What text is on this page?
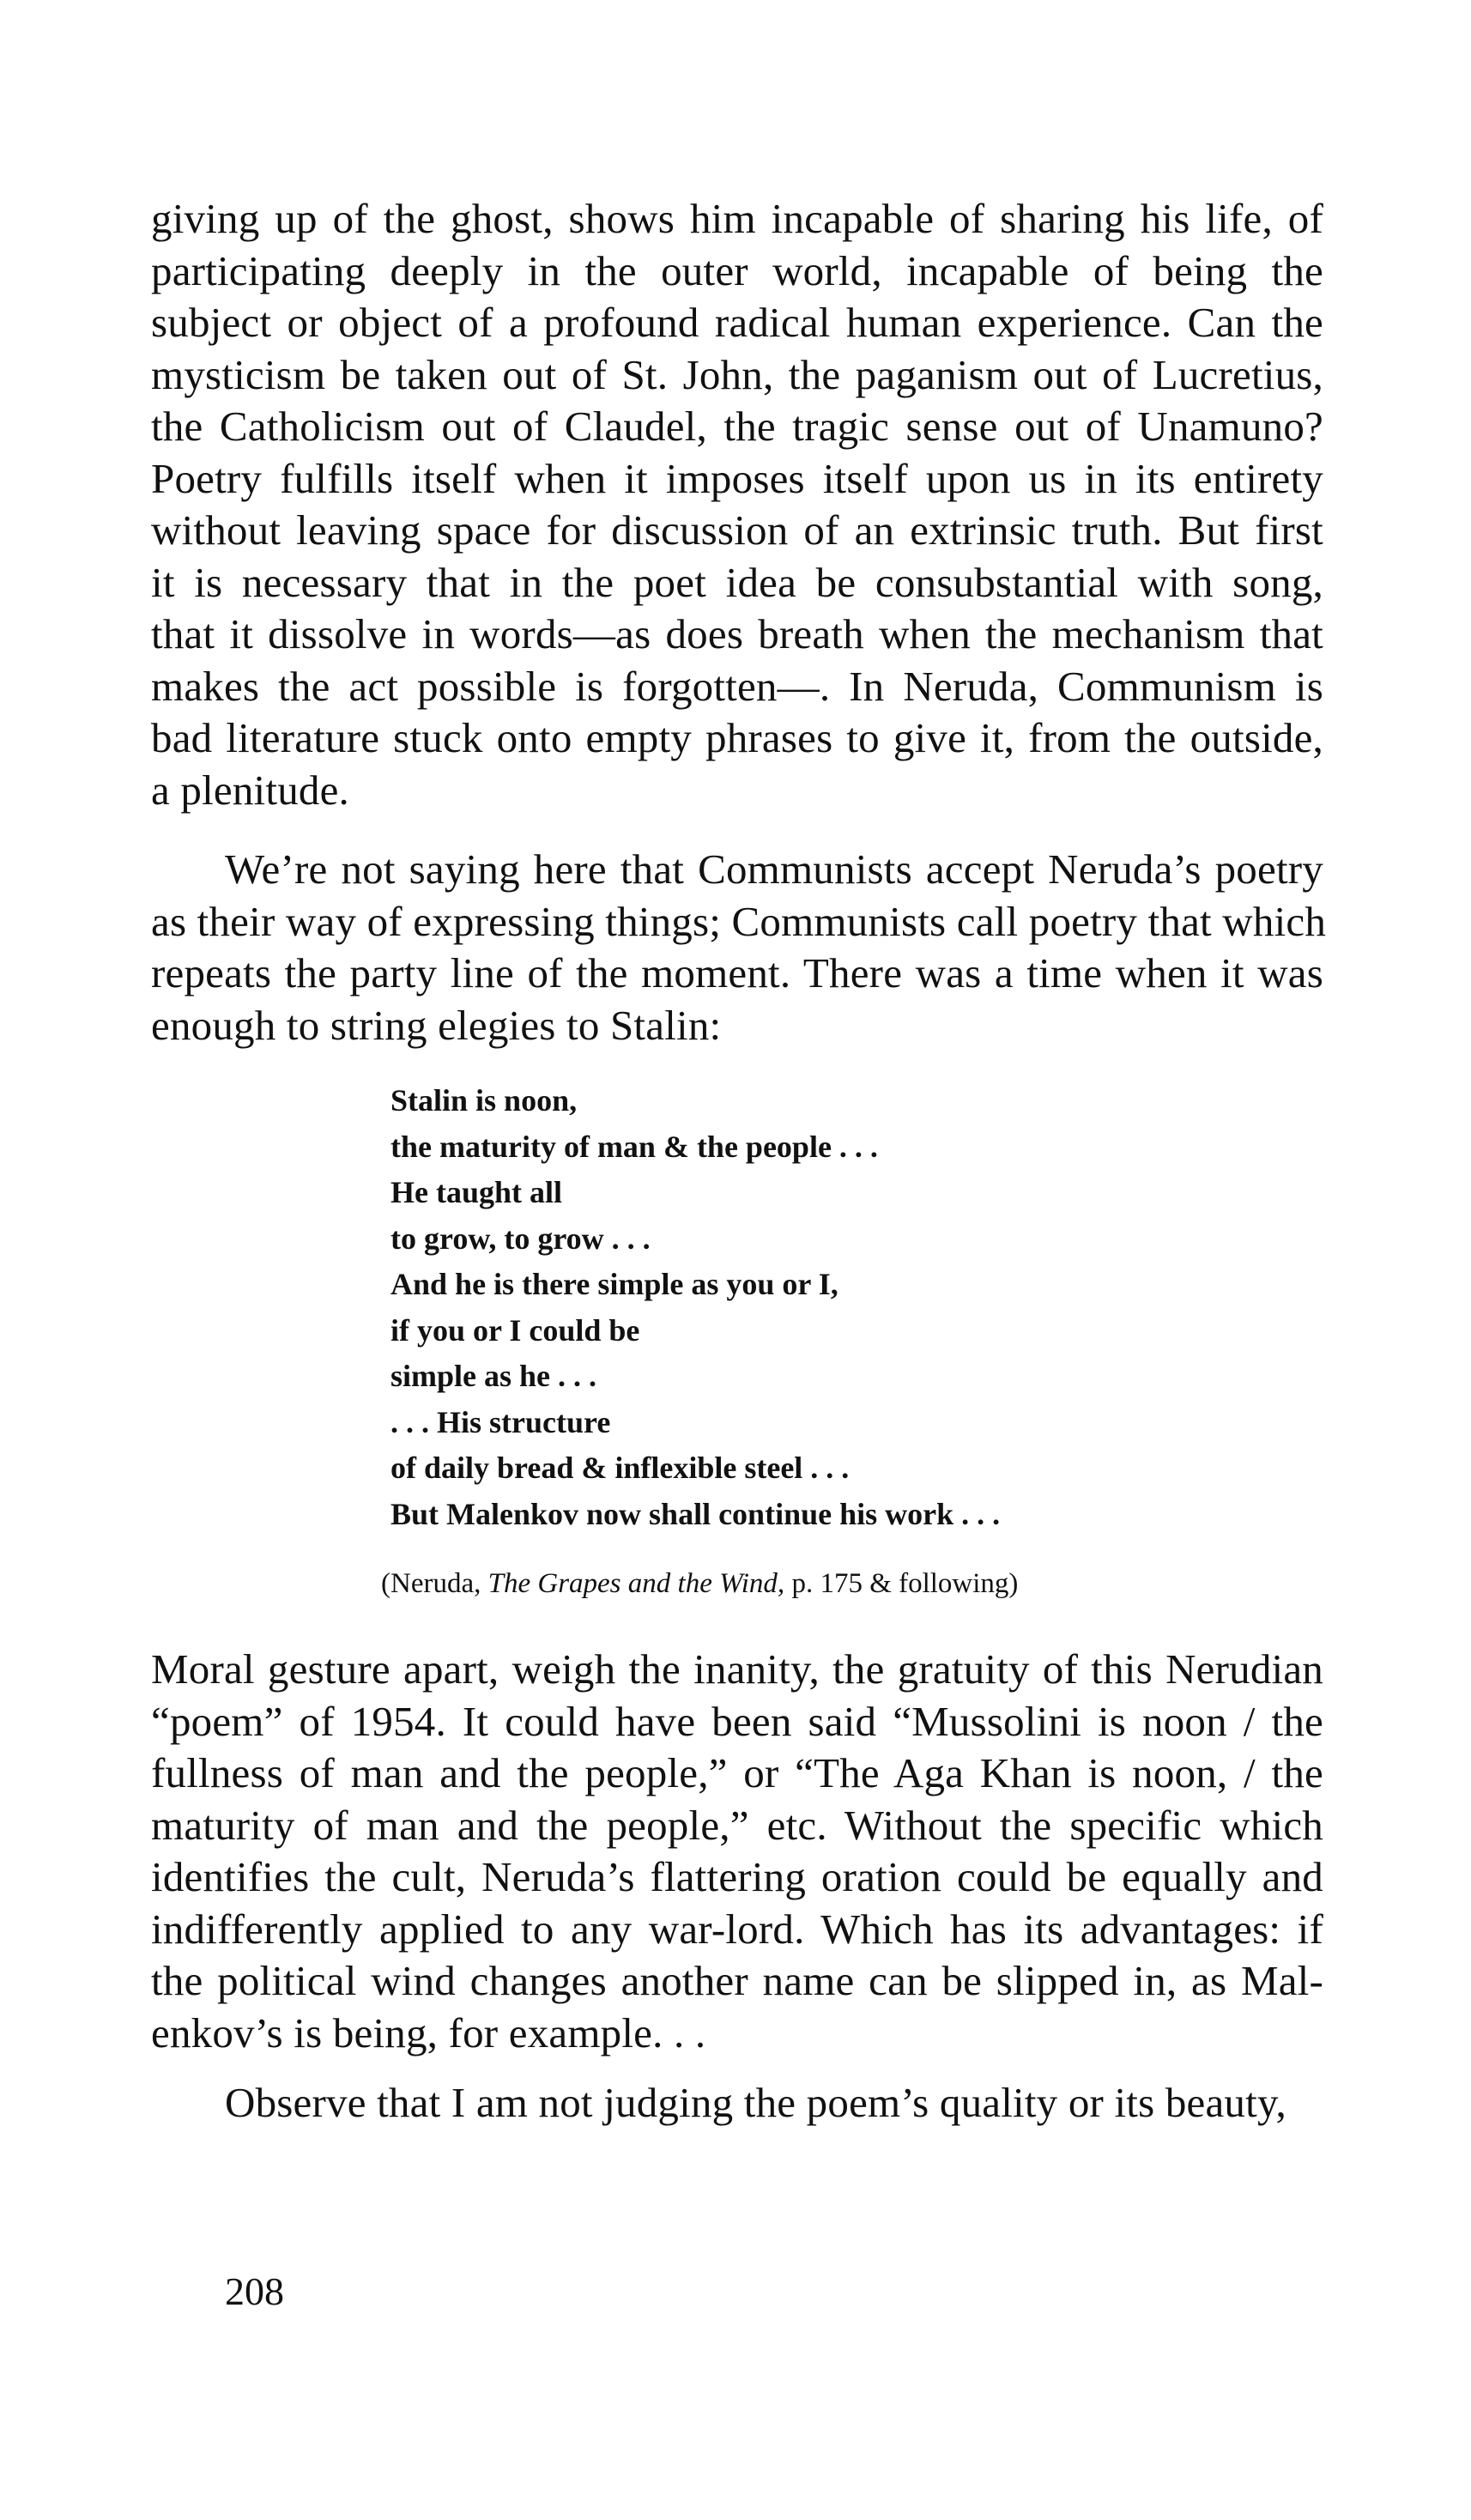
giving up of the ghost, shows him incapable of sharing his life, of
participating deeply in the outer world, incapable of being the
subject or object of a profound radical human experience. Can the
mysticism be taken out of St. John, the paganism out of Lucretius,
the Catholicism out of Claudel, the tragic sense out of Unamuno?
Poetry fulfills itself when it imposes itself upon us in its entirety
without leaving space for discussion of an extrinsic truth. But first
it is necessary that in the poet idea be consubstantial with song,
that it dissolve in words—as does breath when the mechanism that
makes the act possible is forgotten—. In Neruda, Communism is
bad literature stuck onto empty phrases to give it, from the outside,
a plenitude.

We’re not saying here that Communists accept Neruda’s poetry
as their way of expressing things; Communists call poetry that which
repeats the party line of the moment. There was a time when it was
enough to string elegies to Stalin:

Stalin is noon,
the maturity of man & the people . . .
He taught all
to grow, to grow . . .
And he is there simple as you or I,
if you or I could be
simple as he . . .
. . . His structure
of daily bread & inflexible steel . . .
But Malenkov now shall continue his work . . .
(Neruda, The Grapes and the Wind, p. 175 & following)

Moral gesture apart, weigh the inanity, the gratuity of this Nerudian
“poem” of 1954. It could have been said “Mussolini is noon / the
fullness of man and the people,” or “The Aga Khan is noon, / the
maturity of man and the people,” etc. Without the specific which
identifies the cult, Neruda’s flattering oration could be equally and
indifferently applied to any war-lord. Which has its advantages: if
the political wind changes another name can be slipped in, as Mal-
enkov’s is being, for example. . .

Observe that I am not judging the poem’s quality or its beauty,

208
